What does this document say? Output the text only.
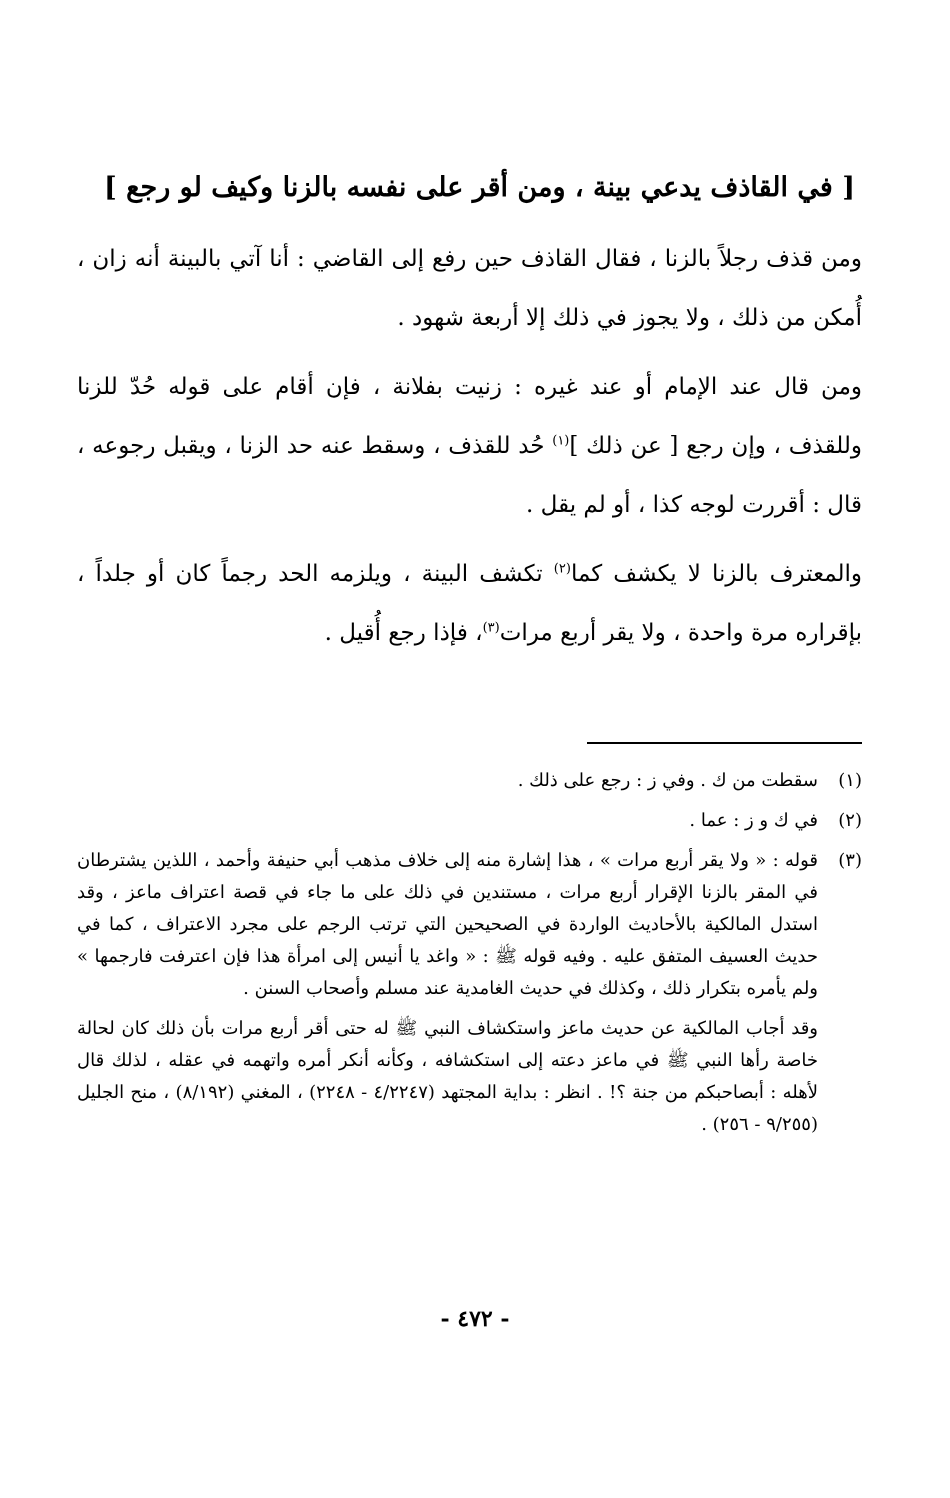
[ في القاذف يدعي بينة ، ومن أقر على نفسه بالزنا وكيف لو رجع ]

ومن قذف رجلاً بالزنا ، فقال القاذف حين رفع إلى القاضي : أنا آتي بالبينة أنه زان ، أُمكن من ذلك ، ولا يجوز في ذلك إلا أربعة شهود .

ومن قال عند الإمام أو عند غيره : زنيت بفلانة ، فإن أقام على قوله حُدّ للزنا وللقذف ، وإن رجع [ عن ذلك ]$^{(١)}$ حُد للقذف ، وسقط عنه حد الزنا ، ويقبل رجوعه ، قال : أقررت لوجه كذا ، أو لم يقل .

والمعترف بالزنا لا يكشف كما$^{(٢)}$ تكشف البينة ، ويلزمه الحد رجماً كان أو جلداً ، بإقراره مرة واحدة ، ولا يقر أربع مرات$^{(٣)}$، فإذا رجع أُقيل .

(١)

سقطت من ك . وفي ز : رجع على ذلك .

(٢)

في ك و ز : عما .

(٣)

قوله : « ولا يقر أربع مرات » ، هذا إشارة منه إلى خلاف مذهب أبي حنيفة وأحمد ، اللذين يشترطان في المقر بالزنا الإقرار أربع مرات ، مستندين في ذلك على ما جاء في قصة اعتراف ماعز ، وقد استدل المالكية بالأحاديث الواردة في الصحيحين التي ترتب الرجم على مجرد الاعتراف ، كما في حديث العسيف المتفق عليه . وفيه قوله ﷺ : « واغد يا أنيس إلى امرأة هذا فإن اعترفت فارجمها » ولم يأمره بتكرار ذلك ، وكذلك في حديث الغامدية عند مسلم وأصحاب السنن .

وقد أجاب المالكية عن حديث ماعز واستكشاف النبي ﷺ له حتى أقر أربع مرات بأن ذلك كان لحالة خاصة رأها النبي ﷺ في ماعز دعته إلى استكشافه ، وكأنه أنكر أمره واتهمه في عقله ، لذلك قال لأهله : أبصاحبكم من جنة ؟! . انظر : بداية المجتهد (٤/٢٢٤٧ - ٢٢٤٨) ، المغني (٨/١٩٢) ، منح الجليل (٩/٢٥٥ - ٢٥٦) .

- ٤٧٢ -
